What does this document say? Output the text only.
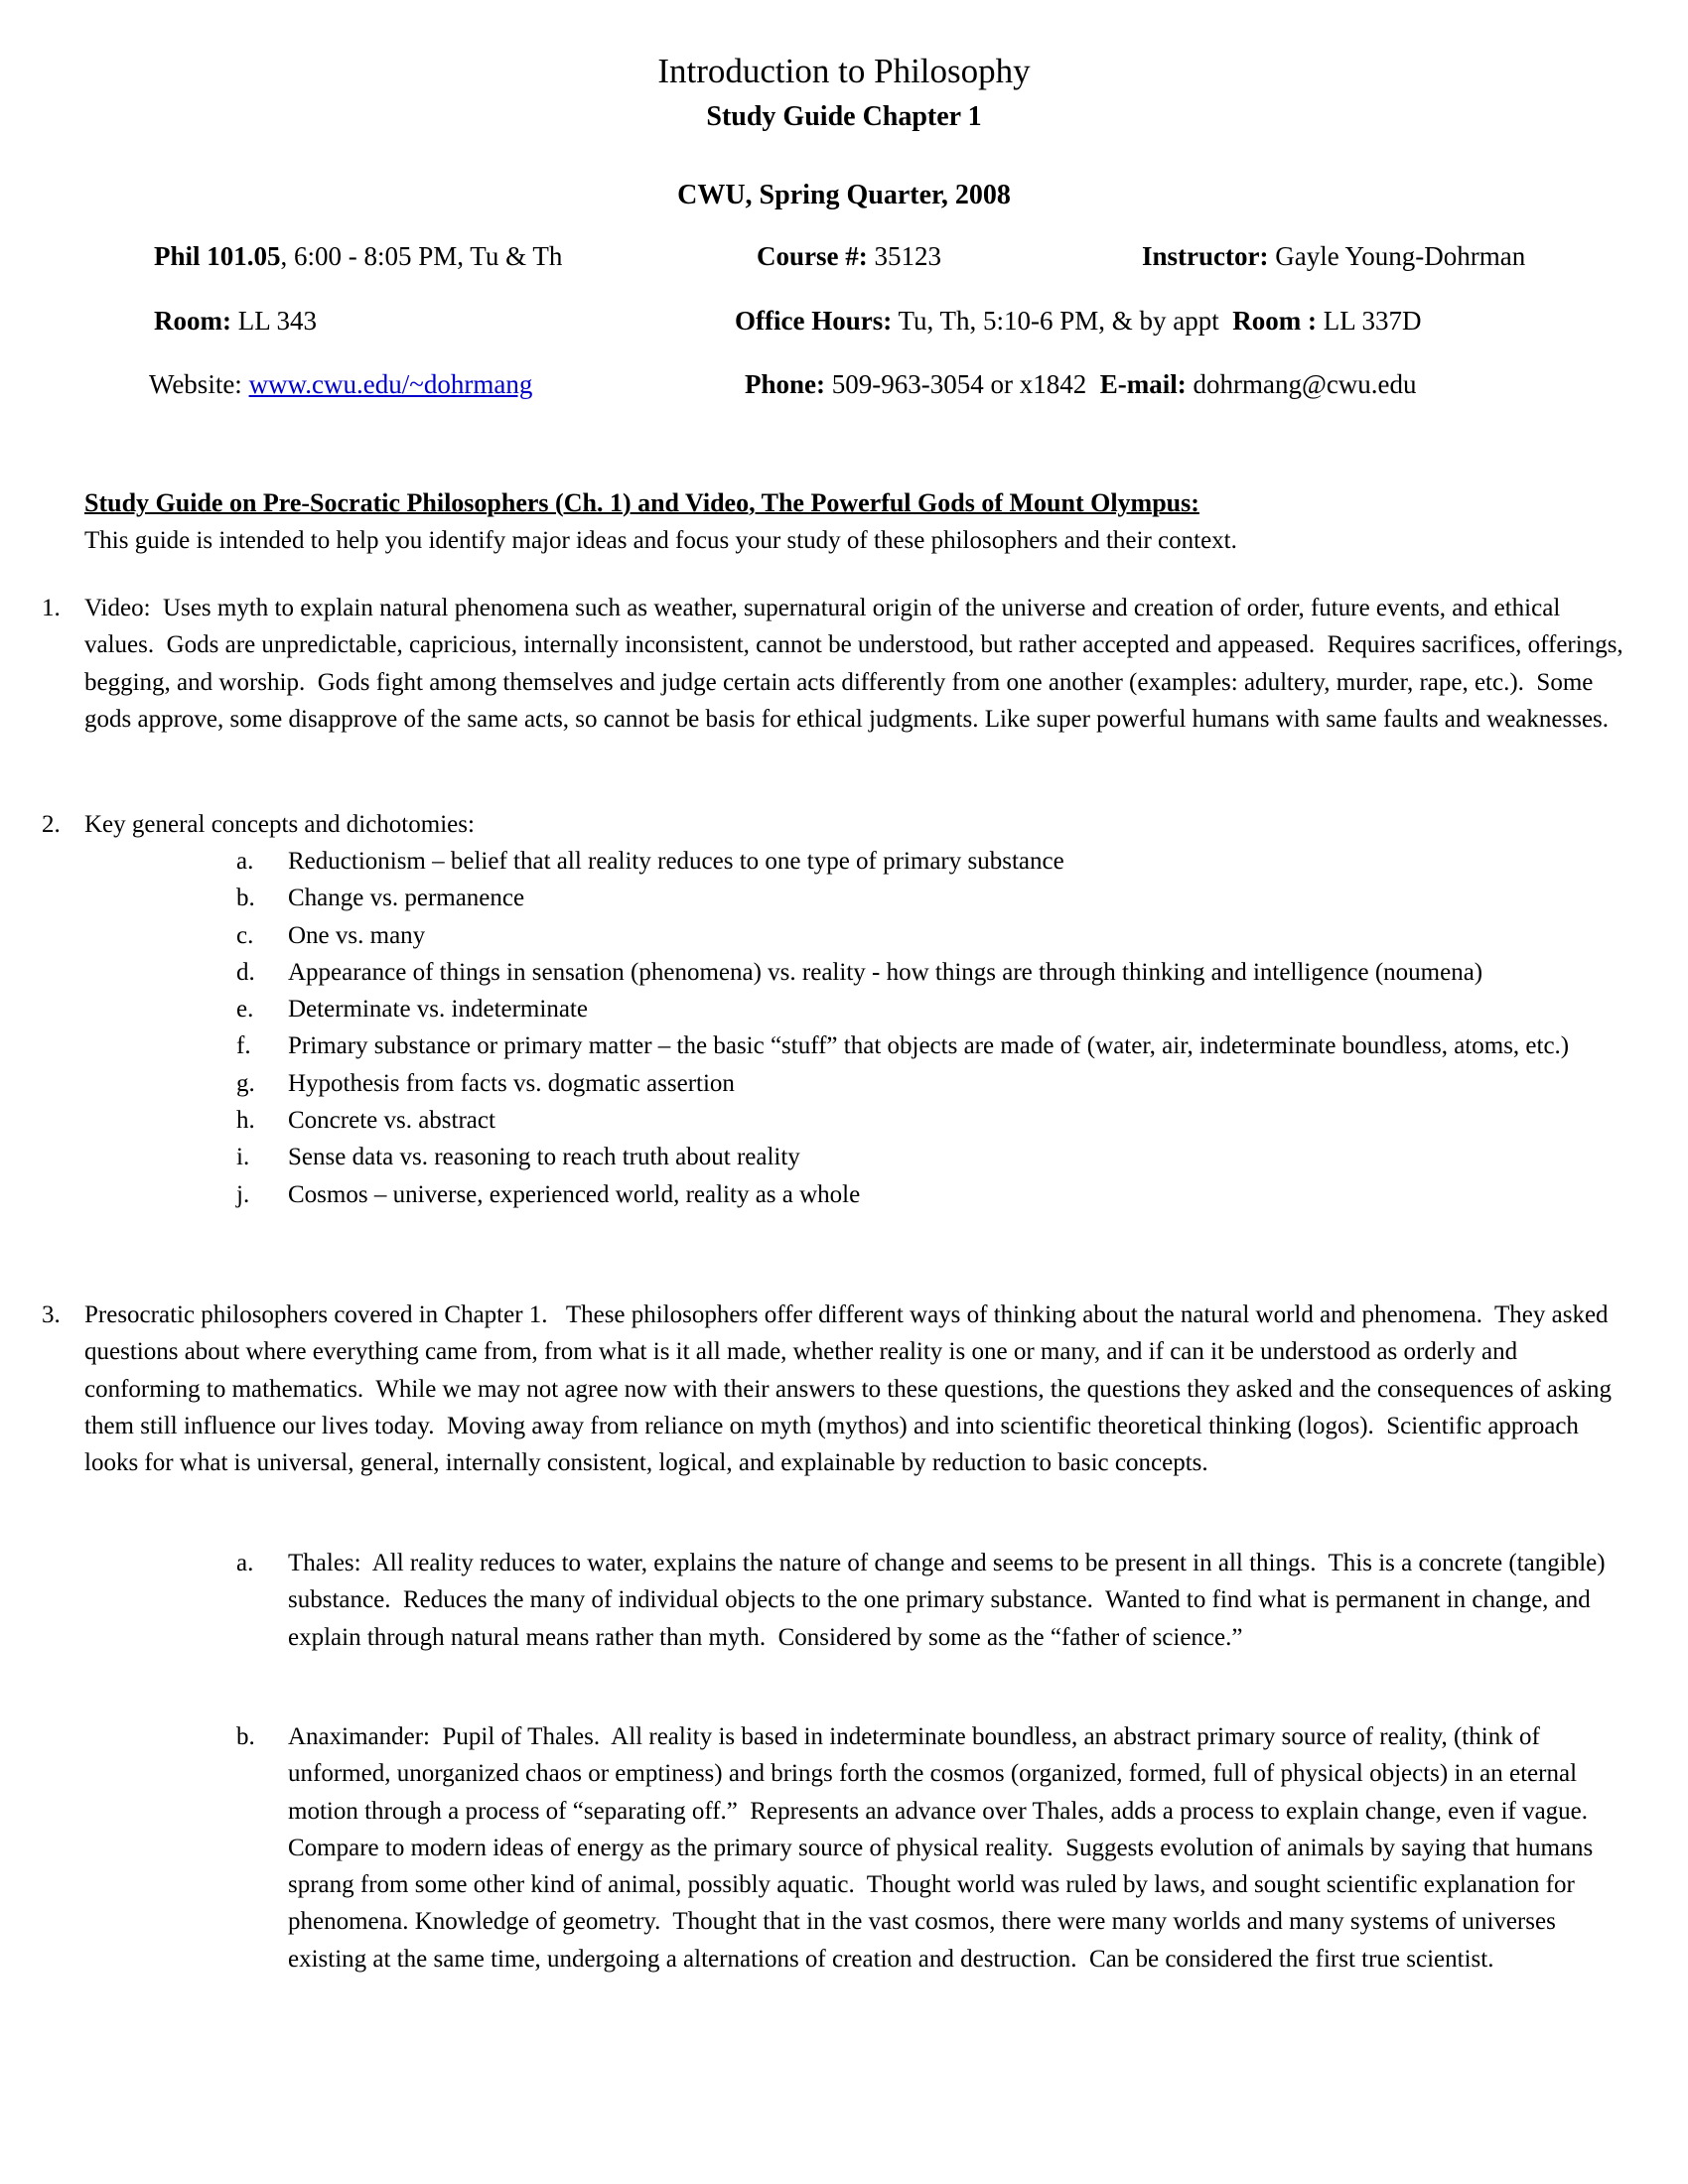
Introduction to Philosophy
Study Guide Chapter 1
CWU, Spring Quarter, 2008
Phil 101.05, 6:00 - 8:05 PM, Tu & Th	Course #: 35123	Instructor: Gayle Young-Dohrman
Room: LL 343	Office Hours: Tu, Th, 5:10-6 PM, & by appt  Room : LL 337D
Website: www.cwu.edu/~dohrmang	Phone: 509-963-3054 or x1842  E-mail: dohrmang@cwu.edu
Study Guide on Pre-Socratic Philosophers (Ch. 1) and Video, The Powerful Gods of Mount Olympus:
This guide is intended to help you identify major ideas and focus your study of these philosophers and their context.
1. Video:  Uses myth to explain natural phenomena such as weather, supernatural origin of the universe and creation of order, future events, and ethical values.  Gods are unpredictable, capricious, internally inconsistent, cannot be understood, but rather accepted and appeased.  Requires sacrifices, offerings, begging, and worship.  Gods fight among themselves and judge certain acts differently from one another (examples: adultery, murder, rape, etc.).  Some gods approve, some disapprove of the same acts, so cannot be basis for ethical judgments. Like super powerful humans with same faults and weaknesses.
2. Key general concepts and dichotomies:
a.	Reductionism – belief that all reality reduces to one type of primary substance
b.	Change vs. permanence
c.	One vs. many
d.	Appearance of things in sensation (phenomena) vs. reality - how things are through thinking and intelligence (noumena)
e.	Determinate vs. indeterminate
f.	Primary substance or primary matter – the basic “stuff” that objects are made of (water, air, indeterminate boundless, atoms, etc.)
g.	Hypothesis from facts vs. dogmatic assertion
h.	Concrete vs. abstract
i.	Sense data vs. reasoning to reach truth about reality
j.	Cosmos – universe, experienced world, reality as a whole
3. Presocratic philosophers covered in Chapter 1.   These philosophers offer different ways of thinking about the natural world and phenomena.  They asked questions about where everything came from, from what is it all made, whether reality is one or many, and if can it be understood as orderly and conforming to mathematics.  While we may not agree now with their answers to these questions, the questions they asked and the consequences of asking them still influence our lives today.  Moving away from reliance on myth (mythos) and into scientific theoretical thinking (logos).  Scientific approach looks for what is universal, general, internally consistent, logical, and explainable by reduction to basic concepts.
a.	Thales:  All reality reduces to water, explains the nature of change and seems to be present in all things.  This is a concrete (tangible) substance.  Reduces the many of individual objects to the one primary substance.  Wanted to find what is permanent in change, and explain through natural means rather than myth.  Considered by some as the “father of science.”
b.	Anaximander:  Pupil of Thales.  All reality is based in indeterminate boundless, an abstract primary source of reality, (think of unformed, unorganized chaos or emptiness) and brings forth the cosmos (organized, formed, full of physical objects) in an eternal motion through a process of “separating off.”  Represents an advance over Thales, adds a process to explain change, even if vague.  Compare to modern ideas of energy as the primary source of physical reality.  Suggests evolution of animals by saying that humans sprang from some other kind of animal, possibly aquatic.  Thought world was ruled by laws, and sought scientific explanation for phenomena. Knowledge of geometry.  Thought that in the vast cosmos, there were many worlds and many systems of universes existing at the same time, undergoing a alternations of creation and destruction.  Can be considered the first true scientist.
